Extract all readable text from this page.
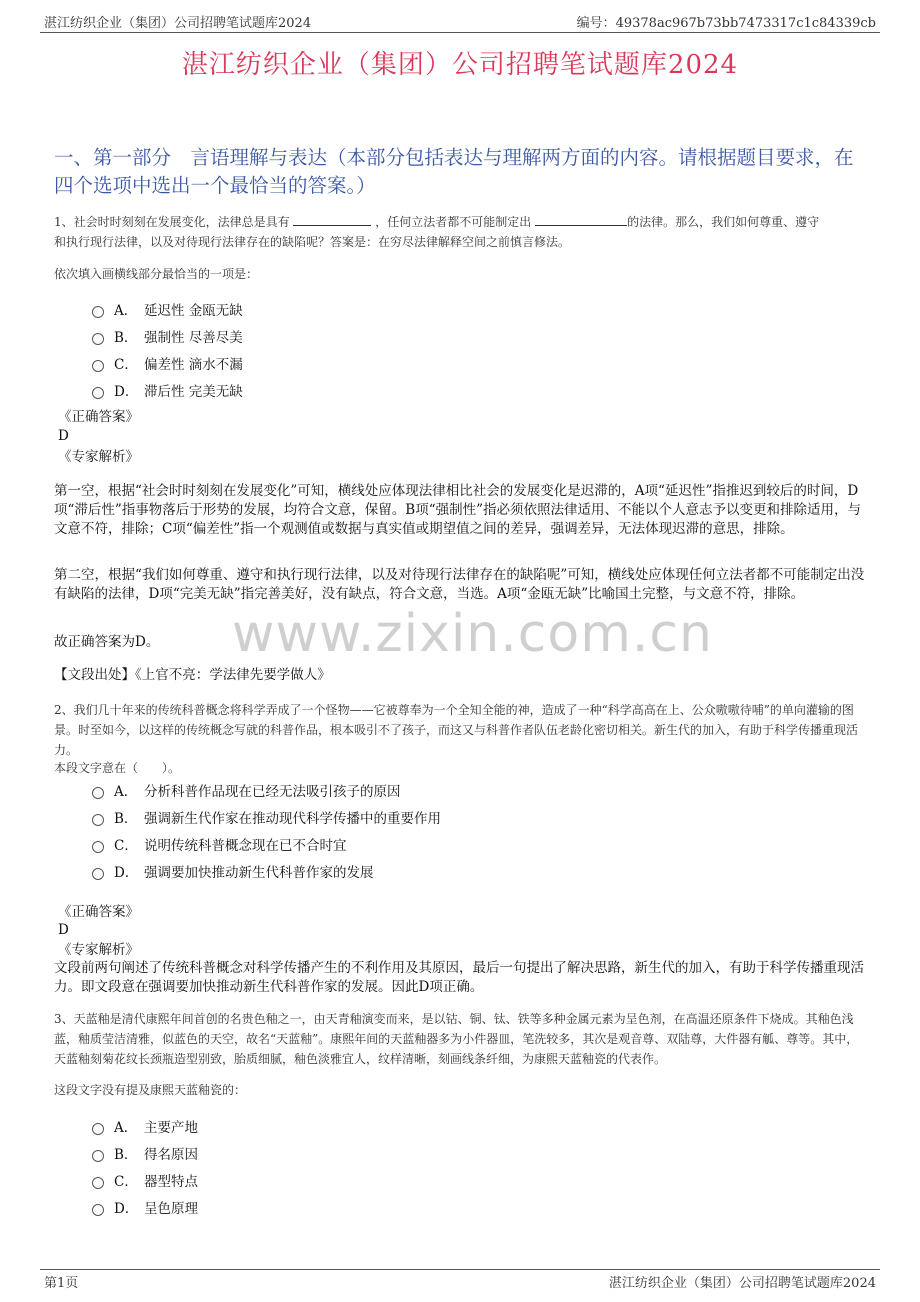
湛江纺织企业（集团）公司招聘笔试题库2024	编号：49378ac967b73bb7473317c1c84339cb
湛江纺织企业（集团）公司招聘笔试题库2024
一、第一部分　言语理解与表达（本部分包括表达与理解两方面的内容。请根据题目要求，在四个选项中选出一个最恰当的答案。）
1、社会时时刻刻在发展变化，法律总是具有	，任何立法者都不可能制定出	的法律。那么，我们如何尊重、遵守
和执行现行法律，以及对待现行法律存在的缺陷呢？答案是：在穷尽法律解释空间之前慎言修法。
依次填入画横线部分最恰当的一项是：
A． 延迟性 金瓯无缺
B． 强制性 尽善尽美
C． 偏差性 滴水不漏
D． 滞后性 完美无缺
《正确答案》
D
《专家解析》
第一空，根据“社会时时刻刻在发展变化”可知，横线处应体现法律相比社会的发展变化是迟滞的，A项“延迟性”指推迟到较后的时间，D项“滞后性”指事物落后于形势的发展，均符合文意，保留。B项“强制性”指必须依照法律适用、不能以个人意志予以变更和排除适用，与文意不符，排除；C项“偏差性”指一个观测值或数据与真实值或期望值之间的差异，强调差异，无法体现迟滞的意思，排除。
第二空，根据“我们如何尊重、遵守和执行现行法律，以及对待现行法律存在的缺陷呢”可知，横线处应体现任何立法者都不可能制定出没有缺陷的法律，D项“完美无缺”指完善美好，没有缺点，符合文意，当选。A项“金瓯无缺”比喻国土完整，与文意不符，排除。
故正确答案为D。
【文段出处】《上官不亮：学法律先要学做人》
2、我们几十年来的传统科普概念将科学弄成了一个怪物——它被尊奉为一个全知全能的神，造成了一种“科学高高在上、公众嗷嗷待哺”的单向灌输的图景。时至如今，以这样的传统概念写就的科普作品，根本吸引不了孩子，而这又与科普作者队伍老龄化密切相关。新生代的加入，有助于科学传播重现活力。
本段文字意在（　　）。
A． 分析科普作品现在已经无法吸引孩子的原因
B． 强调新生代作家在推动现代科学传播中的重要作用
C． 说明传统科普概念现在已不合时宜
D． 强调要加快推动新生代科普作家的发展
《正确答案》
D
《专家解析》
文段前两句阐述了传统科普概念对科学传播产生的不利作用及其原因，最后一句提出了解决思路，新生代的加入，有助于科学传播重现活力。即文段意在强调要加快推动新生代科普作家的发展。因此D项正确。
3、天蓝釉是清代康熙年间首创的名贵色釉之一，由天青釉演变而来，是以钴、铜、钛、铁等多种金属元素为呈色剂，在高温还原条件下烧成。其釉色浅蓝，釉质莹洁清雅，似蓝色的天空，故名“天蓝釉”。康熙年间的天蓝釉器多为小件器皿，笔洗较多，其次是观音尊、双陆尊，大件器有觚、尊等。其中，天蓝釉刻菊花纹长颈瓶造型别致，胎质细腻，釉色淡雅宜人，纹样清晰，刻画线条纤细，为康熙天蓝釉瓷的代表作。
这段文字没有提及康熙天蓝釉瓷的：
A． 主要产地
B． 得名原因
C． 器型特点
D． 呈色原理
www.zixin.com.cn
第1页	湛江纺织企业（集团）公司招聘笔试题库2024
